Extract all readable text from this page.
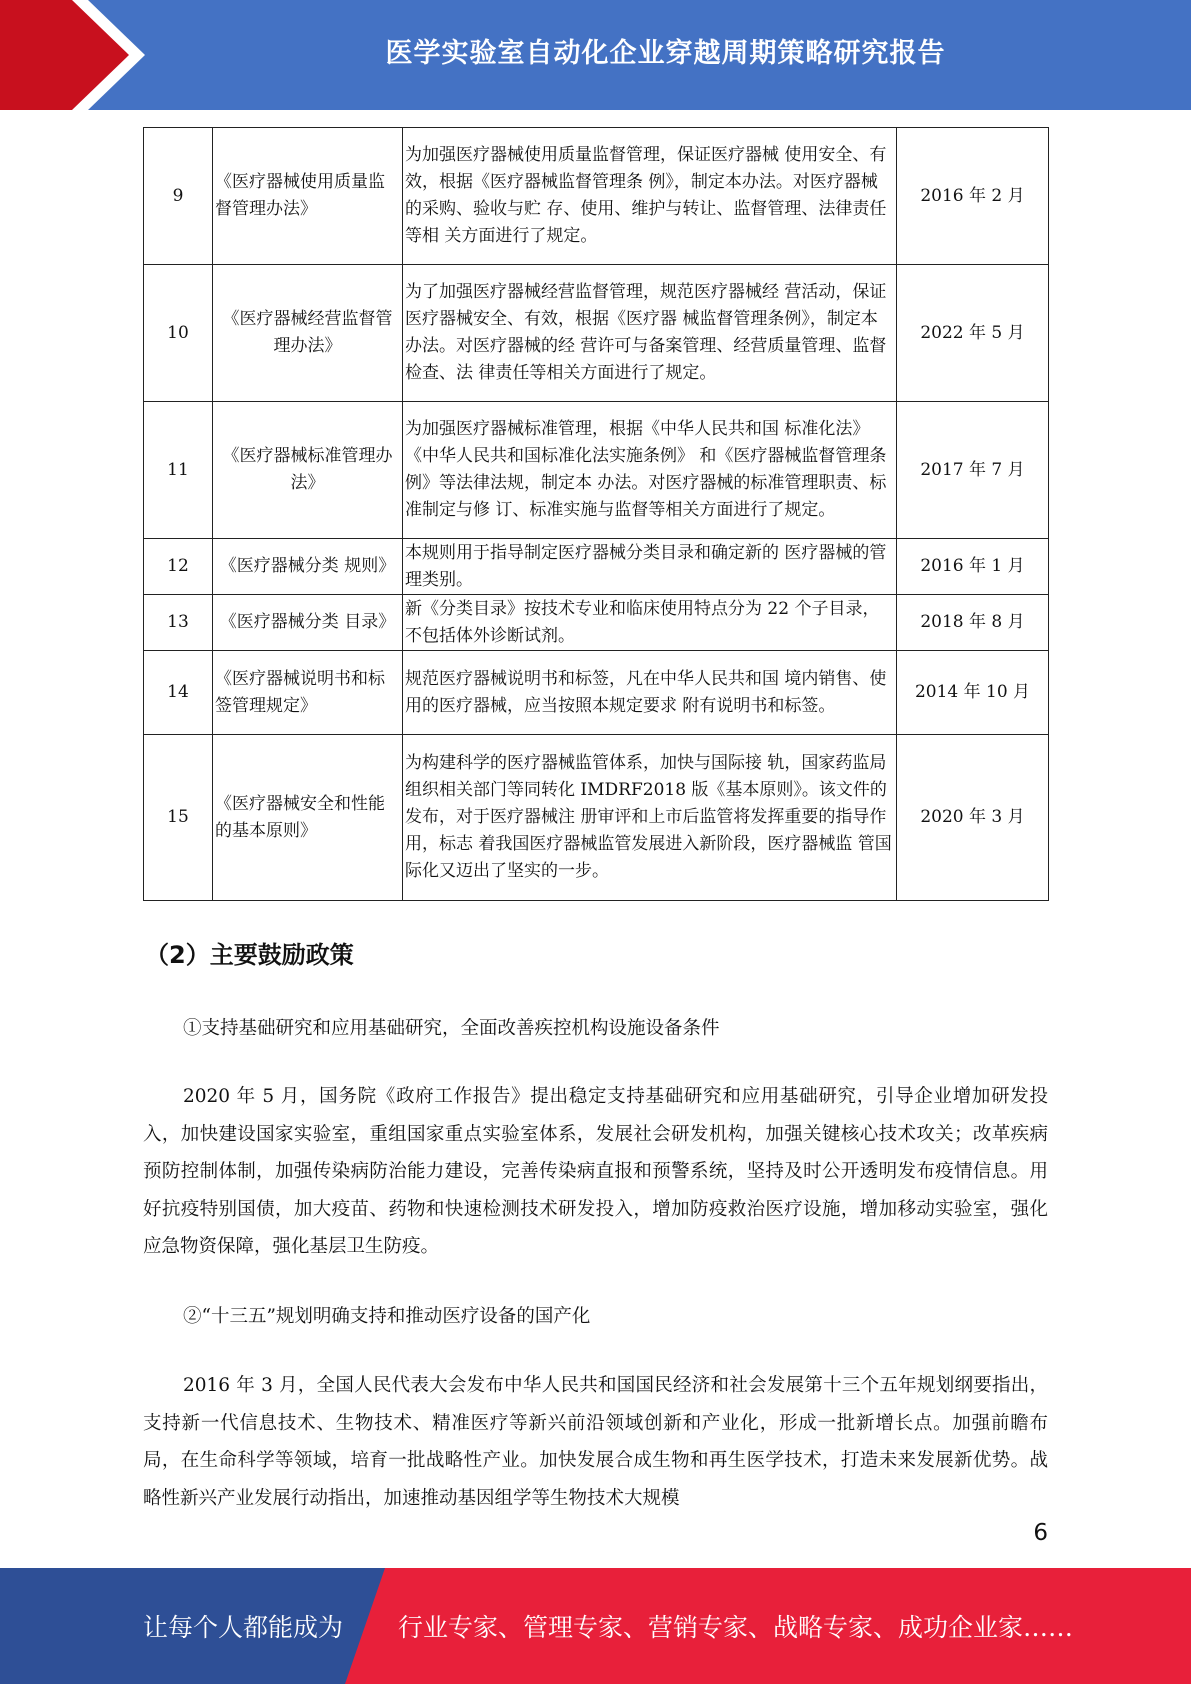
医学实验室自动化企业穿越周期策略研究报告
9	《医疗器械使用质量监督管理办法》	为加强医疗器械使用质量监督管理，保证医疗器械 使用安全、有效，根据《医疗器械监督管理条 例》，制定本办法。对医疗器械的采购、验收与贮 存、使用、维护与转让、监督管理、法律责任等相 关方面进行了规定。	2016 年 2 月
10	《医疗器械经营监督管理办法》	为了加强医疗器械经营监督管理，规范医疗器械经 营活动，保证医疗器械安全、有效，根据《医疗器 械监督管理条例》，制定本办法。对医疗器械的经 营许可与备案管理、经营质量管理、监督检查、法 律责任等相关方面进行了规定。	2022 年 5 月
11	《医疗器械标准管理办法》	为加强医疗器械标准管理，根据《中华人民共和国 标准化法》《中华人民共和国标准化法实施条例》 和《医疗器械监督管理条例》等法律法规，制定本 办法。对医疗器械的标准管理职责、标准制定与修 订、标准实施与监督等相关方面进行了规定。	2017 年 7 月
12	《医疗器械分类 规则》	本规则用于指导制定医疗器械分类目录和确定新的 医疗器械的管理类别。	2016 年 1 月
13	《医疗器械分类 目录》	新《分类目录》按技术专业和临床使用特点分为 22 个子目录，不包括体外诊断试剂。	2018 年 8 月
14	《医疗器械说明书和标签管理规定》	规范医疗器械说明书和标签，凡在中华人民共和国 境内销售、使用的医疗器械，应当按照本规定要求 附有说明书和标签。	2014 年 10 月
15	《医疗器械安全和性能的基本原则》	为构建科学的医疗器械监管体系，加快与国际接 轨，国家药监局组织相关部门等同转化 IMDRF2018 版《基本原则》。该文件的发布，对于医疗器械注 册审评和上市后监管将发挥重要的指导作用，标志 着我国医疗器械监管发展进入新阶段，医疗器械监 管国际化又迈出了坚实的一步。	2020 年 3 月
（2）主要鼓励政策
①支持基础研究和应用基础研究，全面改善疾控机构设施设备条件
2020 年 5 月，国务院《政府工作报告》提出稳定支持基础研究和应用基础研究，引导企业增加研发投入，加快建设国家实验室，重组国家重点实验室体系，发展社会研发机构，加强关键核心技术攻关；改革疾病预防控制体制，加强传染病防治能力建设，完善传染病直报和预警系统，坚持及时公开透明发布疫情信息。用好抗疫特别国债，加大疫苗、药物和快速检测技术研发投入，增加防疫救治医疗设施，增加移动实验室，强化应急物资保障，强化基层卫生防疫。
②“十三五”规划明确支持和推动医疗设备的国产化
2016 年 3 月，全国人民代表大会发布中华人民共和国国民经济和社会发展第十三个五年规划纲要指出，支持新一代信息技术、生物技术、精准医疗等新兴前沿领域创新和产业化，形成一批新增长点。加强前瞻布局，在生命科学等领域，培育一批战略性产业。加快发展合成生物和再生医学技术，打造未来发展新优势。战略性新兴产业发展行动指出，加速推动基因组学等生物技术大规模
6
让每个人都能成为 行业专家、管理专家、营销专家、战略专家、成功企业家……
